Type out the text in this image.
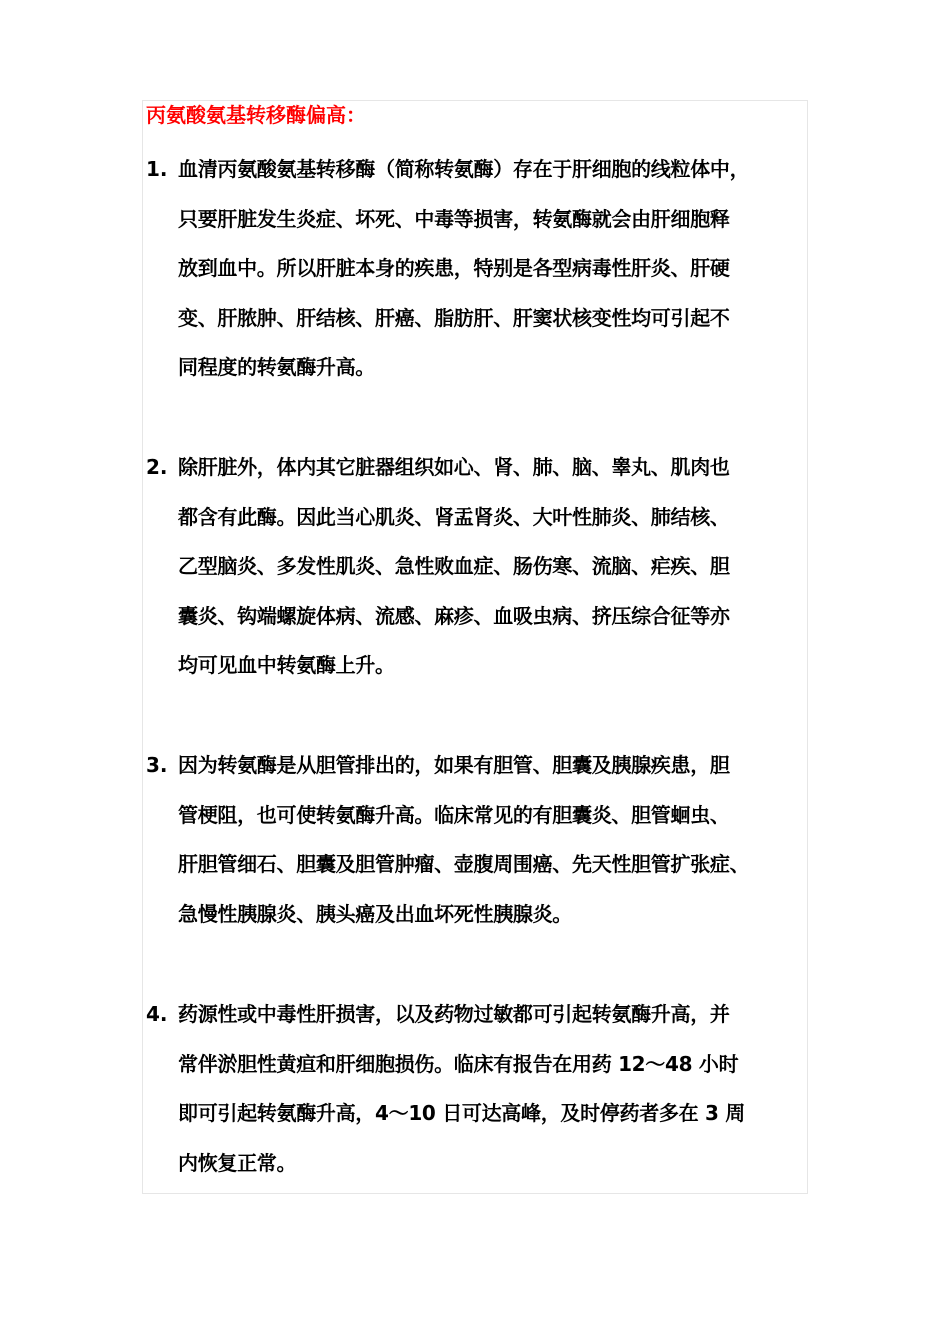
丙氨酸氨基转移酶偏高：
1. 血清丙氨酸氨基转移酶（简称转氨酶）存在于肝细胞的线粒体中，
只要肝脏发生炎症、坏死、中毒等损害，转氨酶就会由肝细胞释
放到血中。所以肝脏本身的疾患，特别是各型病毒性肝炎、肝硬
变、肝脓肿、肝结核、肝癌、脂肪肝、肝窦状核变性均可引起不
同程度的转氨酶升高。
2. 除肝脏外，体内其它脏器组织如心、肾、肺、脑、睾丸、肌肉也
都含有此酶。因此当心肌炎、肾盂肾炎、大叶性肺炎、肺结核、
乙型脑炎、多发性肌炎、急性败血症、肠伤寒、流脑、疟疾、胆
囊炎、钩端螺旋体病、流感、麻疹、血吸虫病、挤压综合征等亦
均可见血中转氨酶上升。
3. 因为转氨酶是从胆管排出的，如果有胆管、胆囊及胰腺疾患，胆
管梗阻，也可使转氨酶升高。临床常见的有胆囊炎、胆管蛔虫、
肝胆管细石、胆囊及胆管肿瘤、壶腹周围癌、先天性胆管扩张症、
急慢性胰腺炎、胰头癌及出血坏死性胰腺炎。
4. 药源性或中毒性肝损害，以及药物过敏都可引起转氨酶升高，并
常伴淤胆性黄疸和肝细胞损伤。临床有报告在用药 12～48 小时
即可引起转氨酶升高，4～10 日可达高峰，及时停药者多在 3 周
内恢复正常。
